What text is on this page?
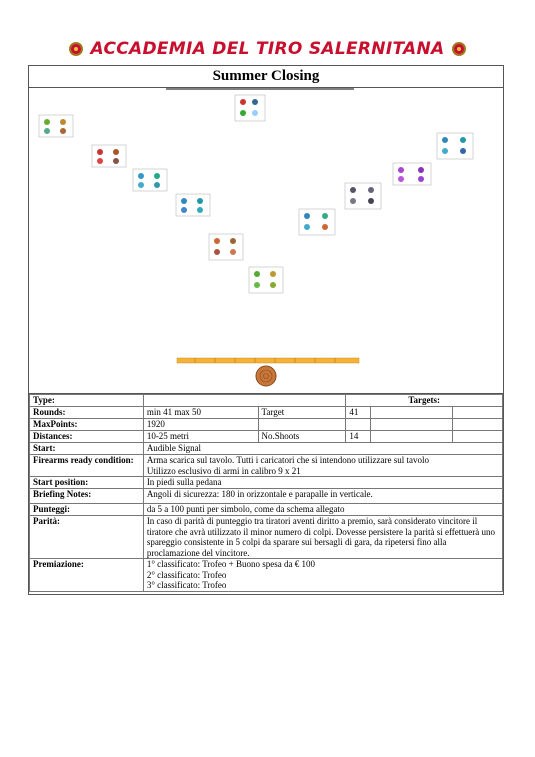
ACCADEMIA DEL TIRO SALERNITANA
Summer Closing
Type:			Targets:		
Rounds:	min 41 max 50	Target	41		
MaxPoints:	1920				
Distances:	10-25 metri	No.Shoots	14		
Start:	Audible Signal				
Firearms ready condition:	Arma scarica sul tavolo. Tutti i caricatori che si intendono utilizzare sul tavolo
Utilizzo esclusivo di armi in calibro 9 x 21				
Start position:	In piedi sulla pedana				
Briefing Notes:	Angoli di sicurezza: 180 in orizzontale e parapalle in verticale.				
Punteggi:	da 5 a 100 punti per simbolo, come da schema allegato				
Parità:	In caso di parità di punteggio tra tiratori aventi diritto a premio, sarà considerato vincitore il tiratore che avrà utilizzato il minor numero di colpi. Dovesse persistere la parità si effettuerà uno spareggio consistente in 5 colpi da sparare sui bersagli di gara, da ripetersi fino alla proclamazione del vincitore.				
Premiazione:	1° classificato: Trofeo + Buono spesa da € 100
2° classificato: Trofeo
3° classificato: Trofeo				
